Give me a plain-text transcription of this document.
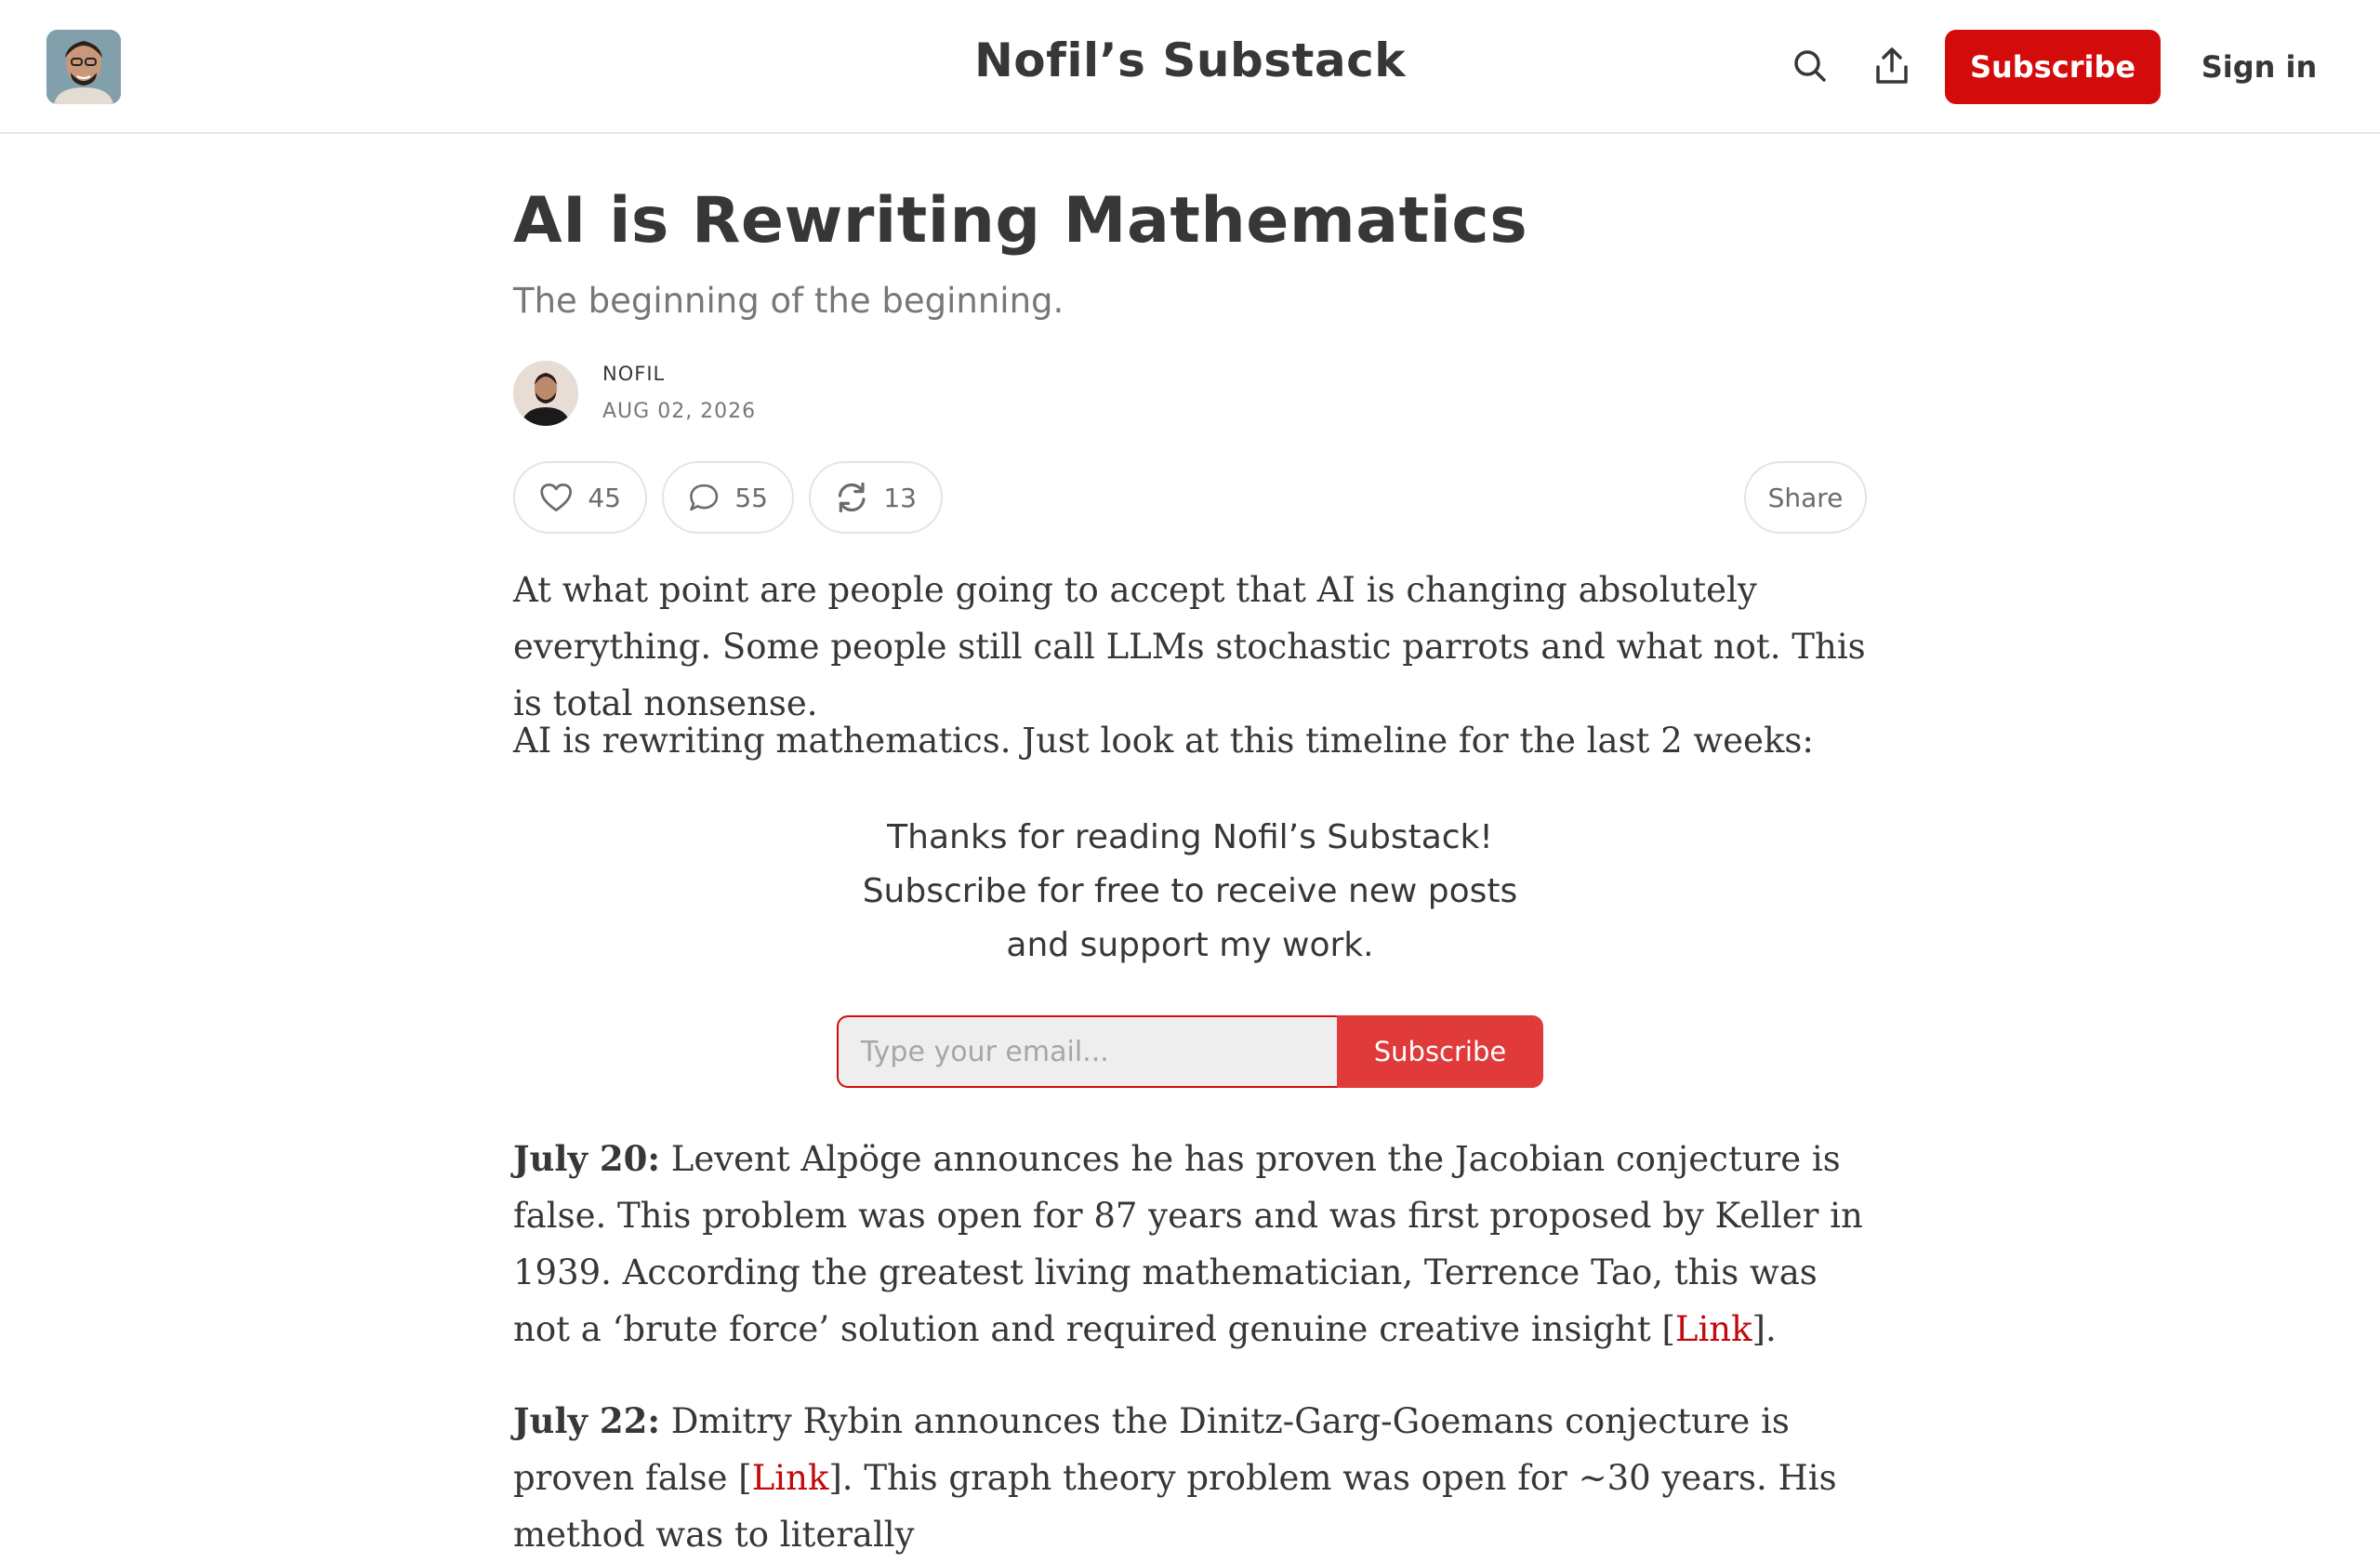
Nofil’s Substack	Subscribe	Sign in
AI is Rewriting Mathematics
The beginning of the beginning.
NOFIL
AUG 02, 2026
45	55	13	Share
At what point are people going to accept that AI is changing absolutely everything. Some people still call LLMs stochastic parrots and what not. This is total nonsense.
AI is rewriting mathematics. Just look at this timeline for the last 2 weeks:
Thanks for reading Nofil’s Substack!
Subscribe for free to receive new posts
and support my work.
Type your email...	Subscribe
July 20: Levent Alpöge announces he has proven the Jacobian conjecture is false. This problem was open for 87 years and was first proposed by Keller in 1939. According the greatest living mathematician, Terrence Tao, this was not a ‘brute force’ solution and required genuine creative insight [Link].
July 22: Dmitry Rybin announces the Dinitz-Garg-Goemans conjecture is proven false [Link]. This graph theory problem was open for ~30 years. His method was to literally
